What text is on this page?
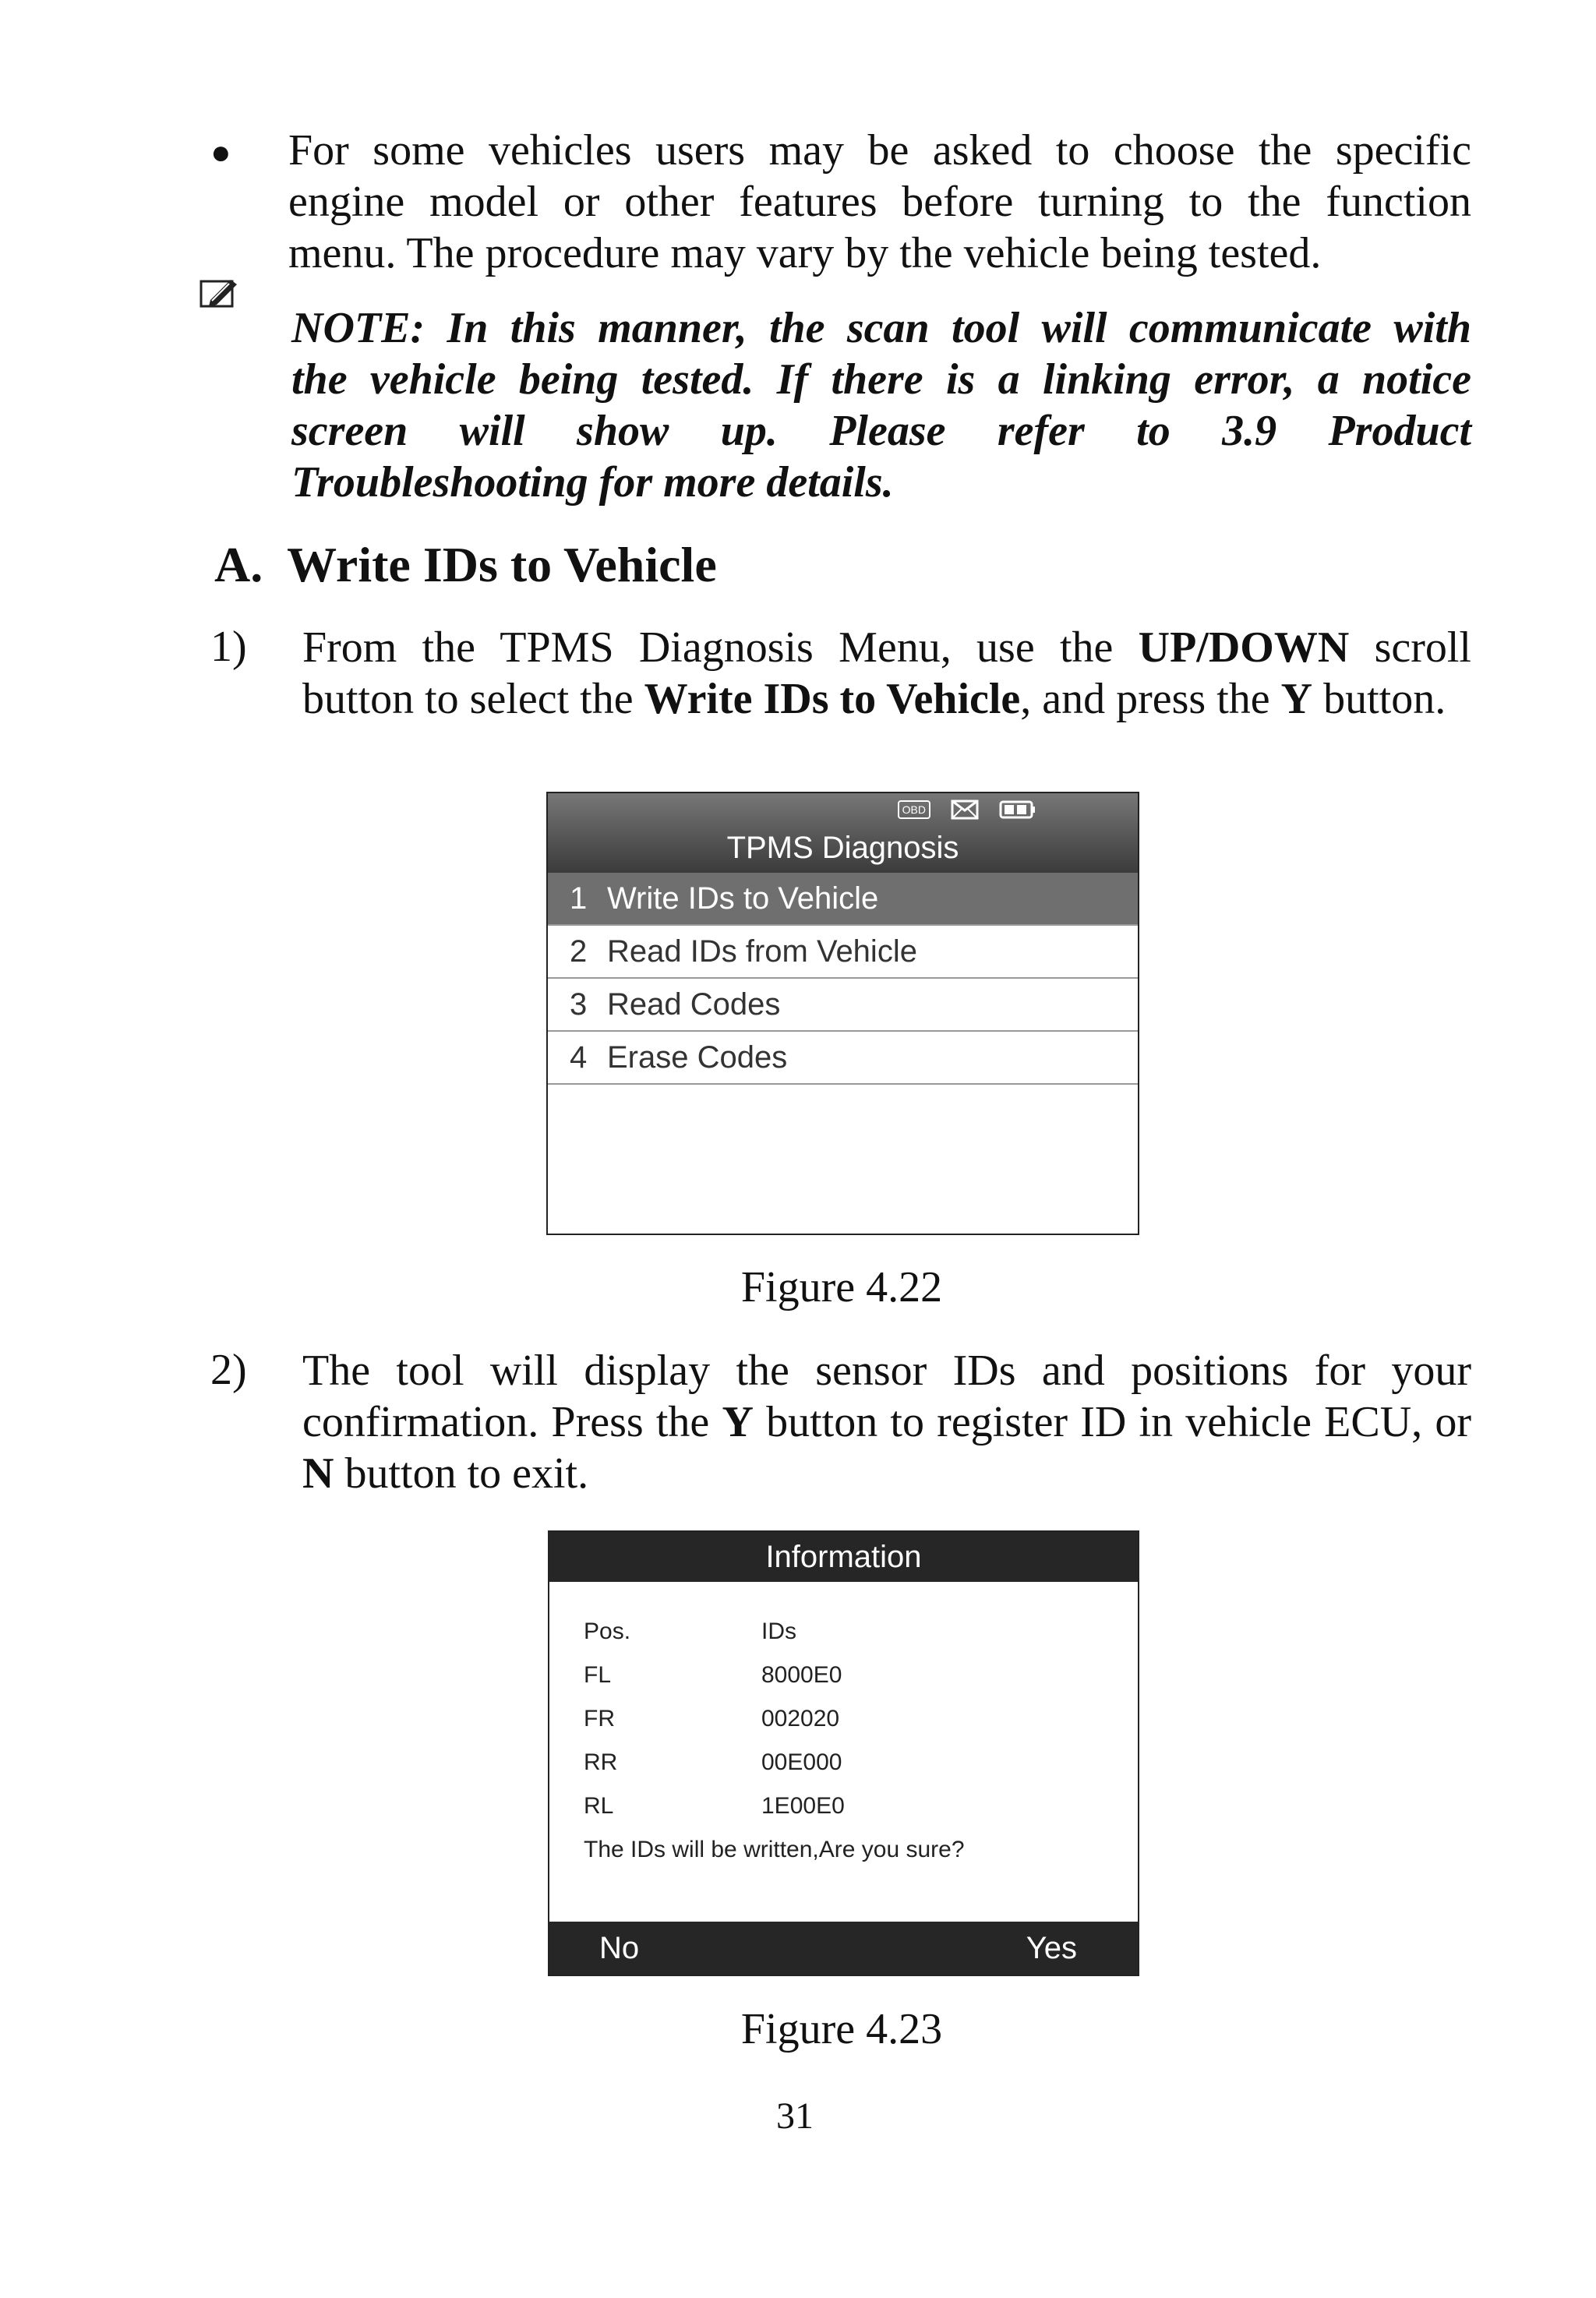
● For some vehicles users may be asked to choose the specific
engine model or other features before turning to the function
menu. The procedure may vary by the vehicle being tested.
NOTE: In this manner, the scan tool will communicate with
the vehicle being tested. If there is a linking error, a notice
screen will show up. Please refer to 3.9 Product
Troubleshooting for more details.
A.  Write IDs to Vehicle
1) From the TPMS Diagnosis Menu, use the UP/DOWN scroll button to select the Write IDs to Vehicle, and press the Y button.
OBD
TPMS Diagnosis
1 Write IDs to Vehicle
2 Read IDs from Vehicle
3 Read Codes
4 Erase Codes
Figure 4.22
2) The tool will display the sensor IDs and positions for your confirmation. Press the Y button to register ID in vehicle ECU, or N button to exit.
Information
Pos.	IDs
FL	8000E0
FR	002020
RR	00E000
RL	1E00E0
The IDs will be written,Are you sure?
No	Yes
Figure 4.23
31
